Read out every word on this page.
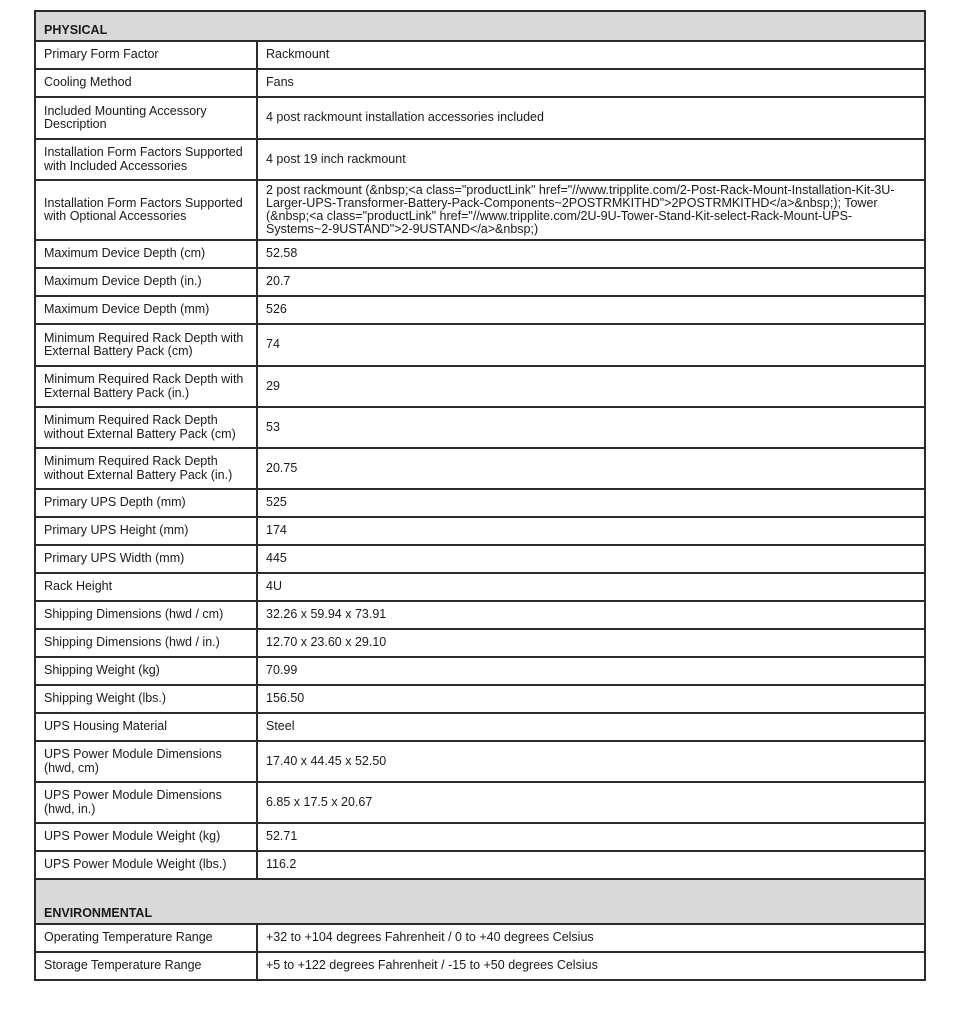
PHYSICAL	
Primary Form Factor	Rackmount
Cooling Method	Fans
Included Mounting Accessory Description	4 post rackmount installation accessories included
Installation Form Factors Supported with Included Accessories	4 post 19 inch rackmount
Installation Form Factors Supported with Optional Accessories	2 post rackmount (&nbsp;<a class="productLink" href="//www.tripplite.com/2-Post-Rack-Mount-Installation-Kit-3U-Larger-UPS-Transformer-Battery-Pack-Components~2POSTRMKITHD">2POSTRMKITHD</a>&nbsp;); Tower (&nbsp;<a class="productLink" href="//www.tripplite.com/2U-9U-Tower-Stand-Kit-select-Rack-Mount-UPS-Systems~2-9USTAND">2-9USTAND</a>&nbsp;)
Maximum Device Depth (cm)	52.58
Maximum Device Depth (in.)	20.7
Maximum Device Depth (mm)	526
Minimum Required Rack Depth with External Battery Pack (cm)	74
Minimum Required Rack Depth with External Battery Pack (in.)	29
Minimum Required Rack Depth without External Battery Pack (cm)	53
Minimum Required Rack Depth without External Battery Pack (in.)	20.75
Primary UPS Depth (mm)	525
Primary UPS Height (mm)	174
Primary UPS Width (mm)	445
Rack Height	4U
Shipping Dimensions (hwd / cm)	32.26 x 59.94 x 73.91
Shipping Dimensions (hwd / in.)	12.70 x 23.60 x 29.10
Shipping Weight (kg)	70.99
Shipping Weight (lbs.)	156.50
UPS Housing Material	Steel
UPS Power Module Dimensions (hwd, cm)	17.40 x 44.45 x 52.50
UPS Power Module Dimensions (hwd, in.)	6.85 x 17.5 x 20.67
UPS Power Module Weight (kg)	52.71
UPS Power Module Weight (lbs.)	116.2
ENVIRONMENTAL	
Operating Temperature Range	+32 to +104 degrees Fahrenheit / 0 to +40 degrees Celsius
Storage Temperature Range	+5 to +122 degrees Fahrenheit / -15 to +50 degrees Celsius
